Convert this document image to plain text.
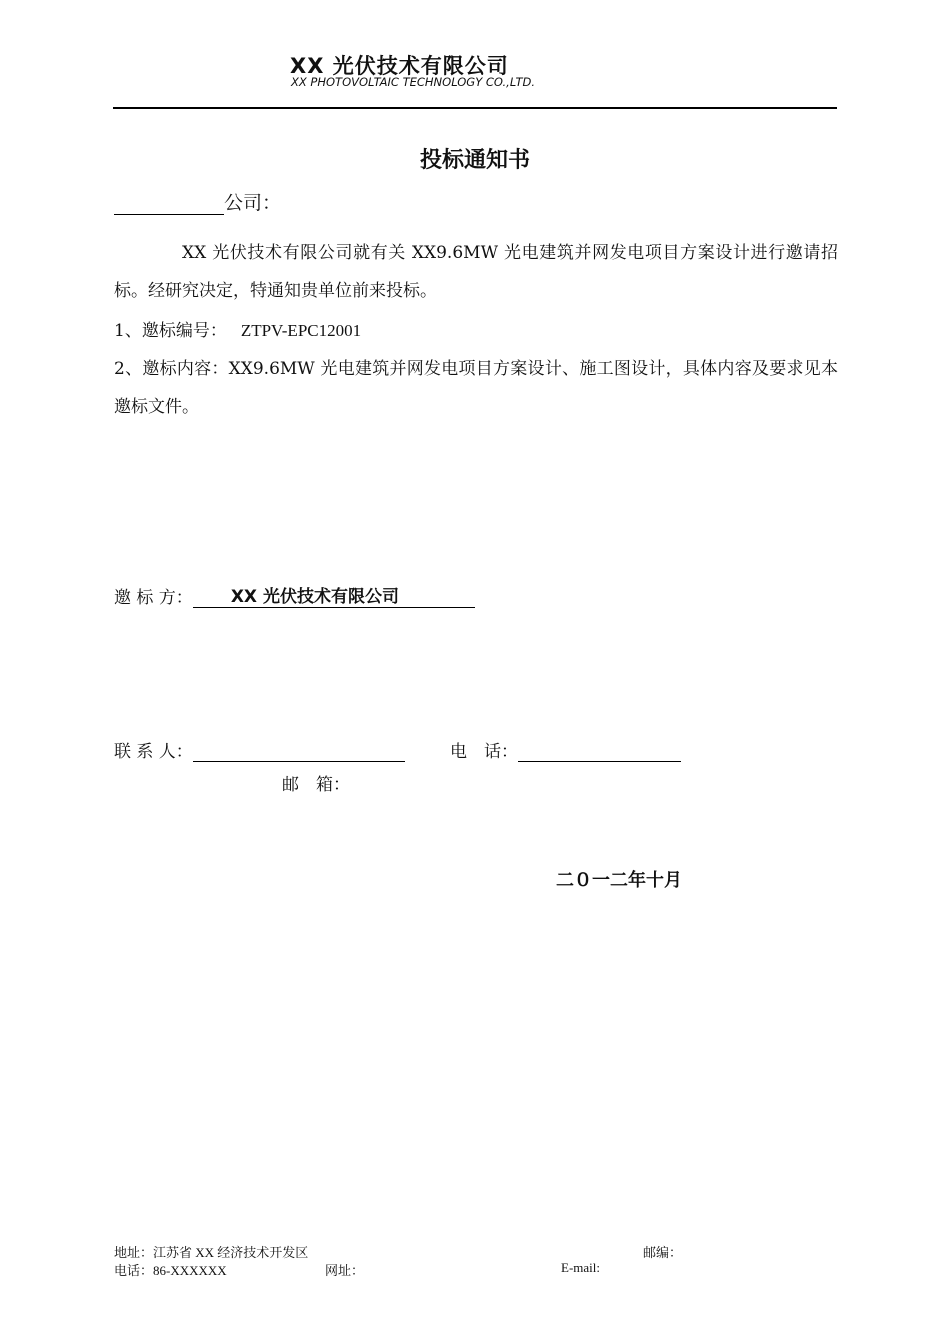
XX 光伏技术有限公司
XX PHOTOVOLTAIC TECHNOLOGY CO.,LTD.
投标通知书
公司：
XX 光伏技术有限公司就有关 XX9.6MW 光电建筑并网发电项目方案设计进行邀请招标。经研究决定，特通知贵单位前来投标。
1、邀标编号： ZTPV-EPC12001
2、邀标内容：XX9.6MW 光电建筑并网发电项目方案设计、施工图设计，具体内容及要求见本邀标文件。
邀 标 方： XX 光伏技术有限公司
联 系 人：	电　话：
邮　箱：
二０一二年十月
地址：江苏省 XX 经济技术开发区	邮编：
电话：86-XXXXXX	网址：	E-mail:
